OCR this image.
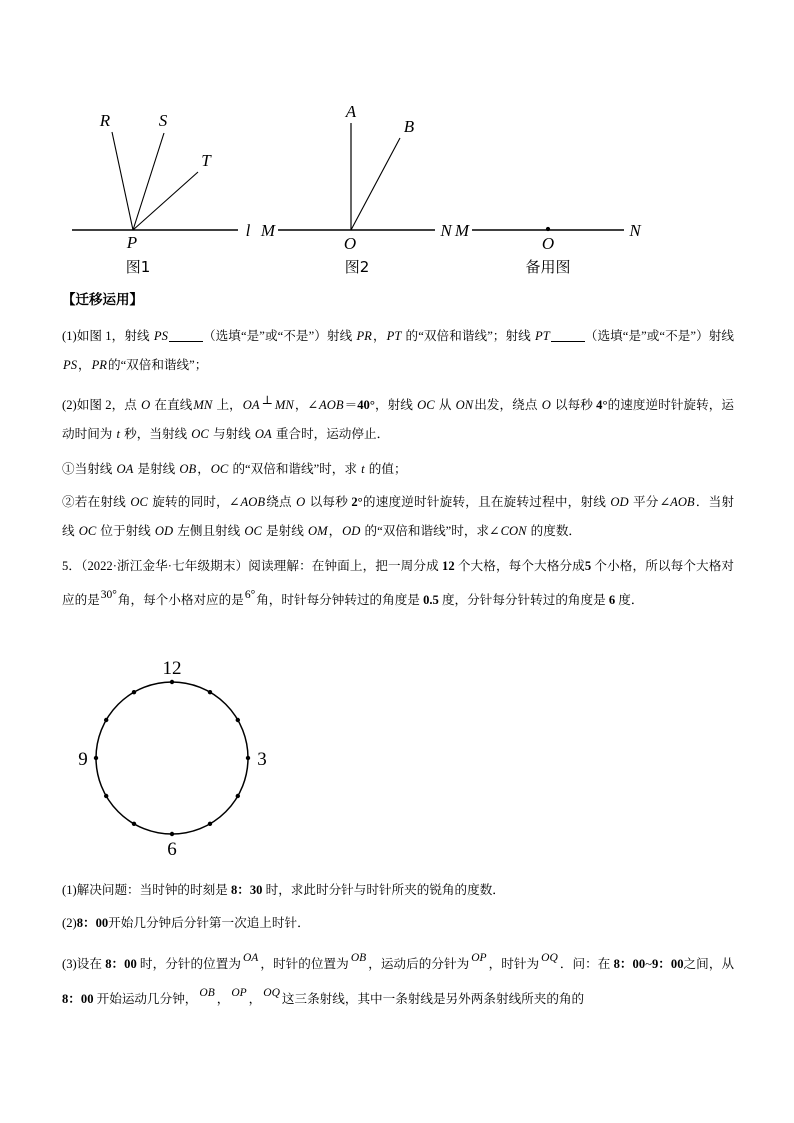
R	S
T
P
l
图1
A
B
M	N
O
图2
M	N
O
备用图
【迁移运用】

(1)如图 1，射线 PS	（选填“是”或“不是”）射线 PR，PT 的“双倍和谐线”；射线 PT	（选填“是”或“不是”）射线 PS，PR的“双倍和谐线”；

(2)如图 2，点 O 在直线MN 上，OA ⊥ MN，∠AOB＝40°，射线 OC 从 ON出发，绕点 O 以每秒 4°的速度逆时针旋转，运动时间为 t 秒，当射线 OC 与射线 OA 重合时，运动停止．

①当射线 OA 是射线 OB，OC 的“双倍和谐线”时，求 t 的值；

②若在射线 OC 旋转的同时，∠AOB绕点 O 以每秒 2°的速度逆时针旋转，且在旋转过程中，射线 OD 平分∠AOB．当射线 OC 位于射线 OD 左侧且射线 OC 是射线 OM，OD 的“双倍和谐线”时，求∠CON 的度数．

5．（2022·浙江金华·七年级期末）阅读理解：在钟面上，把一周分成 12 个大格，每个大格分成5 个小格，所以每个大格对应的是30°角，每个小格对应的是6°角，时针每分钟转过的角度是 0.5 度，分针每分针转过的角度是 6 度．

12
3
6
9

(1)解决问题：当时钟的时刻是 8：30 时，求此时分针与时针所夹的锐角的度数．

(2)8：00开始几分钟后分针第一次追上时针．

(3)设在 8：00 时，分针的位置为 OA ，时针的位置为 OB ，运动后的分针为 OP ，时针为 OQ ．问：在 8：00~9：00之间，从 8：00 开始运动几分钟， OB ， OP ， OQ 这三条射线，其中一条射线是另外两条射线所夹的角的
